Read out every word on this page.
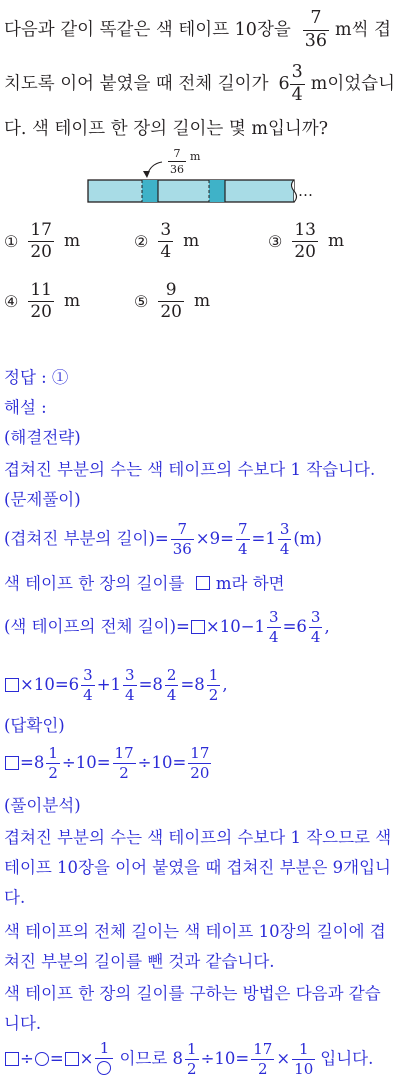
다음과 같이 똑같은 색 테이프 10장을 $\frac{7}{36}$ m씩 겹
치도록 이어 붙였을 때 전체 길이가 $6 \frac{3}{4}$ m이었습니
다. 색 테이프 한 장의 길이는 몇 m입니까?
$\frac{7}{36}$ m
…
① $\frac{17}{20}$ m	② $\frac{3}{4}$ m	③ $\frac{13}{20}$ m
④ $\frac{11}{20}$ m	⑤ $\frac{9}{20}$ m
정답 : ①
해설 :
(해결전략)
겹쳐진 부분의 수는 색 테이프의 수보다 1 작습니다.
(문제풀이)
(겹쳐진 부분의 길이)= $\frac{7}{36} \times 9= \frac{7}{4} =1 \frac{3}{4} (m)$
색 테이프 한 장의 길이를 m라 하면
(색 테이프의 전체 길이)= $\times 10-1 \frac{3}{4} =6 \frac{3}{4}$ ,
$\times 10=6 \frac{3}{4} +1 \frac{3}{4} =8 \frac{2}{4} =8 \frac{1}{2}$ ,
(답확인)
$=8 \frac{1}{2} \div 10= \frac{17}{2} \div 10= \frac{17}{20}$
(풀이분석)
겹쳐진 부분의 수는 색 테이프의 수보다 1 작으므로 색
테이프 10장을 이어 붙였을 때 겹쳐진 부분은 9개입니
다.
색 테이프의 전체 길이는 색 테이프 10장의 길이에 겹
쳐진 부분의 길이를 뺀 것과 같습니다.
색 테이프 한 장의 길이를 구하는 방법은 다음과 같습
니다.
÷ = ×
1
이므로 $8 \frac{1}{2} \div 10= \frac{17}{2} \times \frac{1}{10}$ 입니다.
